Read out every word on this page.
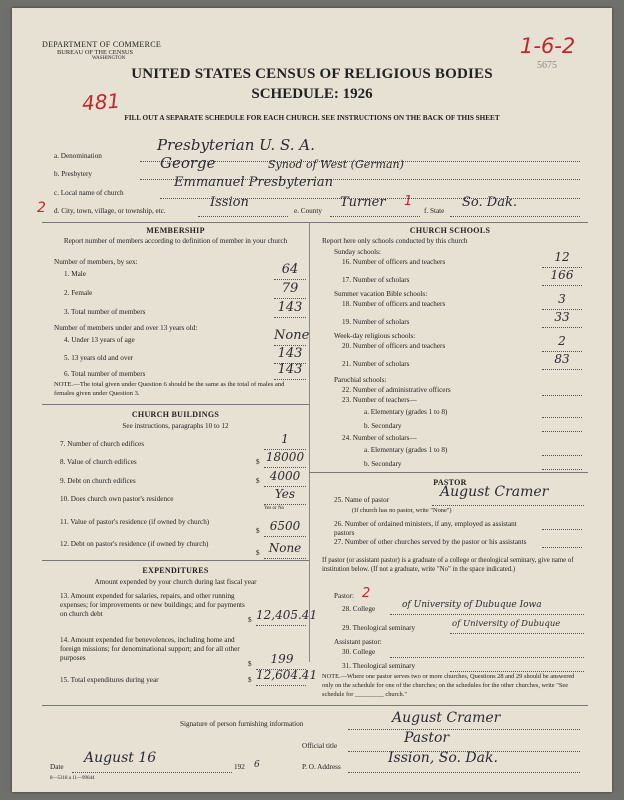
DEPARTMENT OF COMMERCE
BUREAU OF THE CENSUS
WASHINGTON
UNITED STATES CENSUS OF RELIGIOUS BODIES
SCHEDULE: 1926
FILL OUT A SEPARATE SCHEDULE FOR EACH CHURCH. SEE INSTRUCTIONS ON THE BACK OF THIS SHEET
481
1-6-2
5675
2
a. Denomination
Presbyterian U. S. A.
b. Presbytery
George	Synod of West (German)
c. Local name of church
Emmanuel Presbyterian
d. City, town, village, or township, etc.
Ission
e. County
Turner 1
f. State
So. Dak.
MEMBERSHIP
Report number of members according to definition of member in your church
Number of members, by sex:
1. Male	64
2. Female	79
3. Total number of members	143
Number of members under and over 13 years old:
4. Under 13 years of age	None
5. 13 years old and over	143
6. Total number of members	143
NOTE.—The total given under Question 6 should be the same as the total of males and females given under Question 3.
CHURCH BUILDINGS
See instructions, paragraphs 10 to 12
7. Number of church edifices	1
8. Value of church edifices	$ 18000
9. Debt on church edifices	$ 4000
10. Does church own pastor's residence	Yes
11. Value of pastor's residence (if owned by church)
$ 6500
12. Debt on pastor's residence (if owned by church)
$ None
Yes or No
EXPENDITURES
Amount expended by your church during last fiscal year
13. Amount expended for salaries, repairs, and other running expenses; for improvements or new buildings; and for payments on church debt
$ 12,405.41
14. Amount expended for benevolences, including home and foreign missions; for denominational support; and for all other purposes
$	199
15. Total expenditures during year	$ 12,604.41
CHURCH SCHOOLS
Report here only schools conducted by this church
Sunday schools:
16. Number of officers and teachers	12
17. Number of scholars	166
Summer vacation Bible schools:
18. Number of officers and teachers	3
19. Number of scholars	33
Week-day religious schools:
20. Number of officers and teachers	2
21. Number of scholars	83
Parochial schools:
22. Number of administrative officers
23. Number of teachers—
a. Elementary (grades 1 to 8)
b. Secondary
24. Number of scholars—
a. Elementary (grades 1 to 8)
b. Secondary
PASTOR
25. Name of pastor	August Cramer
(If church has no pastor, write "None")
26. Number of ordained ministers, if any, employed as assistant pastors
27. Number of other churches served by the pastor or his assistants
Pastor: 2
28. College	of University of Dubuque Iowa
29. Theological seminary	of University of Dubuque
Assistant pastor:
30. College
31. Theological seminary
If pastor (or assistant pastor) is a graduate of a college or theological seminary, give name of institution below. (If not a graduate, write "No" in the space indicated.)
NOTE.—Where one pastor serves two or more churches, Questions 28 and 29 should be answered only on the schedule for one of the churches; on the schedules for the other churches, write "See schedule for _________ church."
Signature of person furnishing information	August Cramer
Official title	Pastor
Date
August 16
192 6	P. O. Address
Ission, So. Dak.
8—5318 a 11—99644
